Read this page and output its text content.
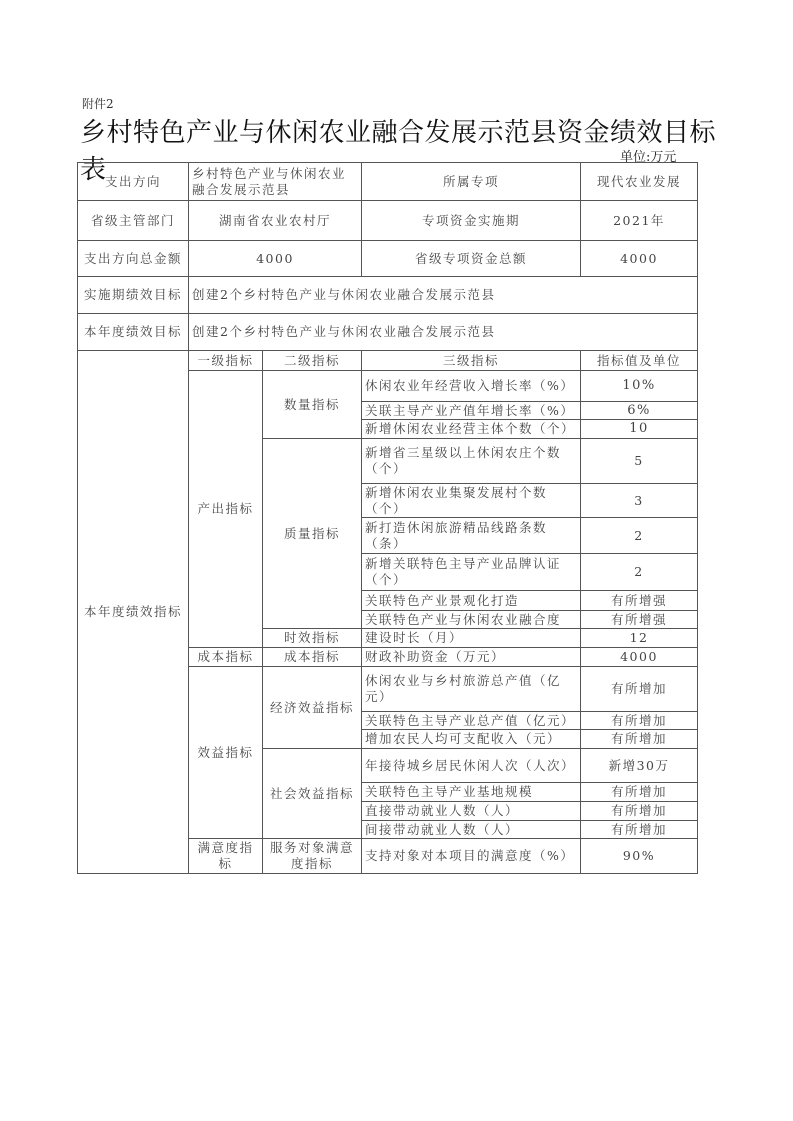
附件2
乡村特色产业与休闲农业融合发展示范县资金绩效目标表	单位:万元
支出方向	乡村特色产业与休闲农业融合发展示范县		所属专项	现代农业发展
省级主管部门	湖南省农业农村厅		专项资金实施期	2021年
支出方向总金额	4000		省级专项资金总额	4000
实施期绩效目标	创建2个乡村特色产业与休闲农业融合发展示范县			
本年度绩效目标	创建2个乡村特色产业与休闲农业融合发展示范县			
本年度绩效指标	一级指标	二级指标	三级指标	指标值及单位
	产出指标	数量指标	休闲农业年经营收入增长率（%）	10%
			关联主导产业产值年增长率（%）	6%
			新增休闲农业经营主体个数（个）	10
		质量指标	新增省三星级以上休闲农庄个数（个）	5
			新增休闲农业集聚发展村个数（个）	3
			新打造休闲旅游精品线路条数（条）	2
			新增关联特色主导产业品牌认证（个）	2
			关联特色产业景观化打造	有所增强
			关联特色产业与休闲农业融合度	有所增强
		时效指标	建设时长（月）	12
	成本指标	成本指标	财政补助资金（万元）	4000
	效益指标	经济效益指标	休闲农业与乡村旅游总产值（亿元）	有所增加
			关联特色主导产业总产值（亿元）	有所增加
			增加农民人均可支配收入（元）	有所增加
		社会效益指标	年接待城乡居民休闲人次（人次）	新增30万
			关联特色主导产业基地规模	有所增加
			直接带动就业人数（人）	有所增加
			间接带动就业人数（人）	有所增加
	满意度指标	服务对象满意度指标	支持对象对本项目的满意度（%）	90%
